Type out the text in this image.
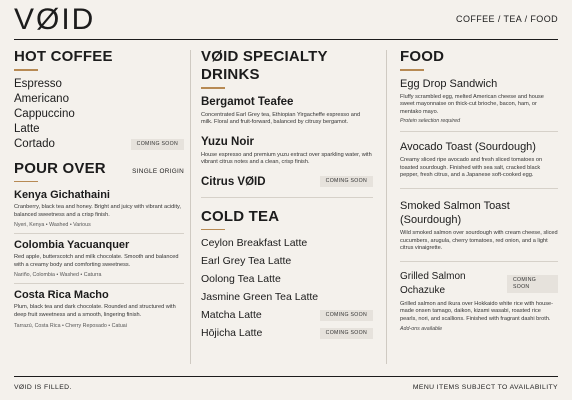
VØID	COFFEE / TEA / FOOD
HOT COFFEE
Espresso
Americano
Cappuccino
Latte
Cortado	COMING SOON
POUR OVER	SINGLE ORIGIN
Kenya Gichathaini
Cranberry, black tea and honey. Bright and juicy with vibrant acidity, balanced sweetness and a crisp finish.
Nyeri, Kenya • Washed • Various
Colombia Yacuanquer
Red apple, butterscotch and milk chocolate. Smooth and balanced with a creamy body and comforting sweetness.
Nariño, Colombia • Washed • Caturra
Costa Rica Macho
Plum, black tea and dark chocolate. Rounded and structured with deep fruit sweetness and a smooth, lingering finish.
Tarrazú, Costa Rica • Cherry Reposado • Catuai
VØID SPECIALTY DRINKS
Bergamot Teafee
Concentrated Earl Grey tea, Ethiopian Yirgacheffe espresso and milk. Floral and fruit-forward, balanced by citrusy bergamot.
Yuzu Noir
House espresso and premium yuzu extract over sparkling water, with vibrant citrus notes and a clean, crisp finish.
Citrus VØID	COMING SOON
COLD TEA
Ceylon Breakfast Latte
Earl Grey Tea Latte
Oolong Tea Latte
Jasmine Green Tea Latte
Matcha Latte	COMING SOON
Hōjicha Latte	COMING SOON
FOOD
Egg Drop Sandwich
Fluffy scrambled egg, melted American cheese and house sweet mayonnaise on thick-cut brioche, bacon, ham, or mentako mayo.
Protein selection required
Avocado Toast (Sourdough)
Creamy sliced ripe avocado and fresh sliced tomatoes on toasted sourdough. Finished with sea salt, cracked black pepper, fresh citrus, and a Japanese soft-cooked egg.
Smoked Salmon Toast (Sourdough)
Wild smoked salmon over sourdough with cream cheese, sliced cucumbers, arugula, cherry tomatoes, red onion, and a light citrus vinaigrette.
Grilled Salmon Ochazuke
COMING SOON
Grilled salmon and ikura over Hokkaido white rice with house-made onsen tamago, daikon, kizami wasabi, roasted rice pearls, nori, and scallions. Finished with fragrant dashi broth.
Add-ons available
VØID IS FILLED.	MENU ITEMS SUBJECT TO AVAILABILITY
